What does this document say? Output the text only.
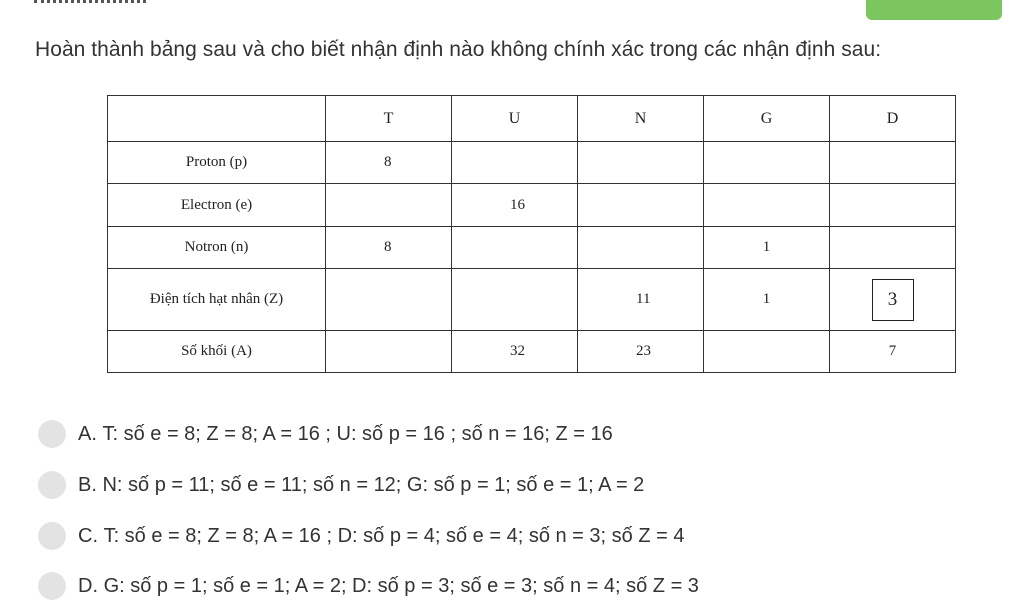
Hoàn thành bảng sau và cho biết nhận định nào không chính xác trong các nhận định sau:
	T	U	N	G	D
Proton (p)	8				
Electron (e)		16			
Notron (n)	8			1	
Điện tích hạt nhân (Z)			11	1	3
Số khối (A)		32	23		7
A.
T: số e = 8; Z = 8; A = 16 ; U: số p = 16 ; số n = 16; Z = 16
B.
N: số p = 11; số e = 11; số n = 12; G: số p = 1; số e = 1; A = 2
C.
T: số e = 8; Z = 8; A = 16 ; D: số p = 4; số e = 4; số n = 3; số Z = 4
D.
G: số p = 1; số e = 1; A = 2; D: số p = 3; số e = 3; số n = 4; số Z = 3
